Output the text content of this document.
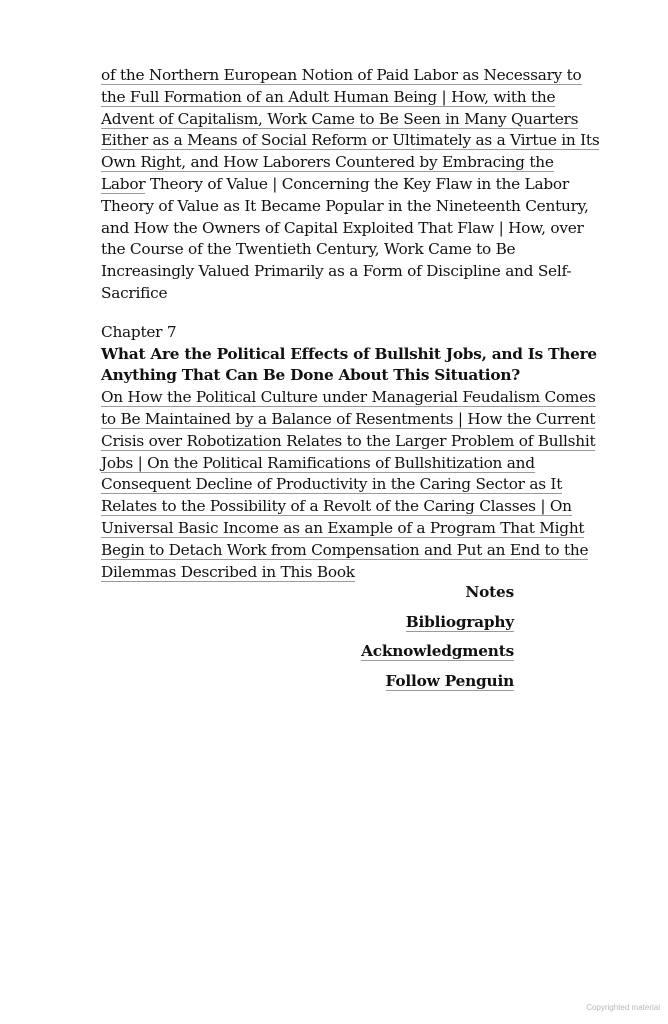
of the Northern European Notion of Paid Labor as Necessary to the Full Formation of an Adult Human Being | How, with the Advent of Capitalism, Work Came to Be Seen in Many Quarters Either as a Means of Social Reform or Ultimately as a Virtue in Its Own Right, and How Laborers Countered by Embracing the Labor Theory of Value | Concerning the Key Flaw in the Labor Theory of Value as It Became Popular in the Nineteenth Century, and How the Owners of Capital Exploited That Flaw | How, over the Course of the Twentieth Century, Work Came to Be Increasingly Valued Primarily as a Form of Discipline and Self-Sacrifice

Chapter 7
What Are the Political Effects of Bullshit Jobs, and Is There Anything That Can Be Done About This Situation?

On How the Political Culture under Managerial Feudalism Comes to Be Maintained by a Balance of Resentments | How the Current Crisis over Robotization Relates to the Larger Problem of Bullshit Jobs | On the Political Ramifications of Bullshitization and Consequent Decline of Productivity in the Caring Sector as It Relates to the Possibility of a Revolt of the Caring Classes | On Universal Basic Income as an Example of a Program That Might Begin to Detach Work from Compensation and Put an End to the Dilemmas Described in This Book

Notes
Bibliography
Acknowledgments
Follow Penguin
Copyrighted material
